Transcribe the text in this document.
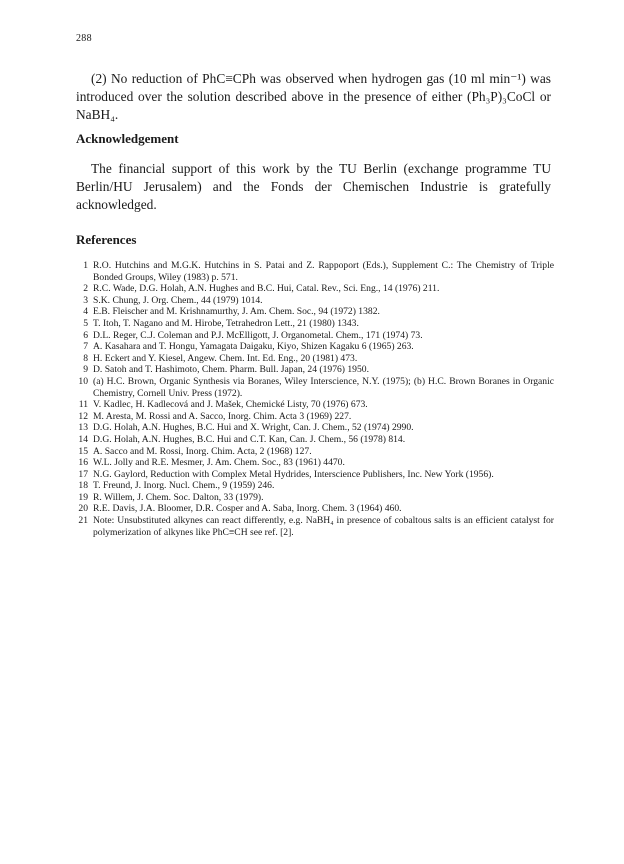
288

(2) No reduction of PhC≡CPh was observed when hydrogen gas (10 ml min⁻¹) was introduced over the solution described above in the presence of either (Ph₃P)₃CoCl or NaBH₄.

Acknowledgement

The financial support of this work by the TU Berlin (exchange programme TU Berlin/HU Jerusalem) and the Fonds der Chemischen Industrie is gratefully acknowledged.

References
1 R.O. Hutchins and M.G.K. Hutchins in S. Patai and Z. Rappoport (Eds.), Supplement C.: The Chemistry of Triple Bonded Groups, Wiley (1983) p. 571.
2 R.C. Wade, D.G. Holah, A.N. Hughes and B.C. Hui, Catal. Rev., Sci. Eng., 14 (1976) 211.
3 S.K. Chung, J. Org. Chem., 44 (1979) 1014.
4 E.B. Fleischer and M. Krishnamurthy, J. Am. Chem. Soc., 94 (1972) 1382.
5 T. Itoh, T. Nagano and M. Hirobe, Tetrahedron Lett., 21 (1980) 1343.
6 D.L. Reger, C.J. Coleman and P.J. McElligott, J. Organometal. Chem., 171 (1974) 73.
7 A. Kasahara and T. Hongu, Yamagata Daigaku, Kiyo, Shizen Kagaku 6 (1965) 263.
8 H. Eckert and Y. Kiesel, Angew. Chem. Int. Ed. Eng., 20 (1981) 473.
9 D. Satoh and T. Hashimoto, Chem. Pharm. Bull. Japan, 24 (1976) 1950.
10 (a) H.C. Brown, Organic Synthesis via Boranes, Wiley Interscience, N.Y. (1975); (b) H.C. Brown Boranes in Organic Chemistry, Cornell Univ. Press (1972).
11 V. Kadlec, H. Kadlecová and J. Mašek, Chemické Listy, 70 (1976) 673.
12 M. Aresta, M. Rossi and A. Sacco, Inorg. Chim. Acta 3 (1969) 227.
13 D.G. Holah, A.N. Hughes, B.C. Hui and X. Wright, Can. J. Chem., 52 (1974) 2990.
14 D.G. Holah, A.N. Hughes, B.C. Hui and C.T. Kan, Can. J. Chem., 56 (1978) 814.
15 A. Sacco and M. Rossi, Inorg. Chim. Acta, 2 (1968) 127.
16 W.L. Jolly and R.E. Mesmer, J. Am. Chem. Soc., 83 (1961) 4470.
17 N.G. Gaylord, Reduction with Complex Metal Hydrides, Interscience Publishers, Inc. New York (1956).
18 T. Freund, J. Inorg. Nucl. Chem., 9 (1959) 246.
19 R. Willem, J. Chem. Soc. Dalton, 33 (1979).
20 R.E. Davis, J.A. Bloomer, D.R. Cosper and A. Saba, Inorg. Chem. 3 (1964) 460.
21 Note: Unsubstituted alkynes can react differently, e.g. NaBH₄ in presence of cobaltous salts is an efficient catalyst for polymerization of alkynes like PhC≡CH see ref. [2].
